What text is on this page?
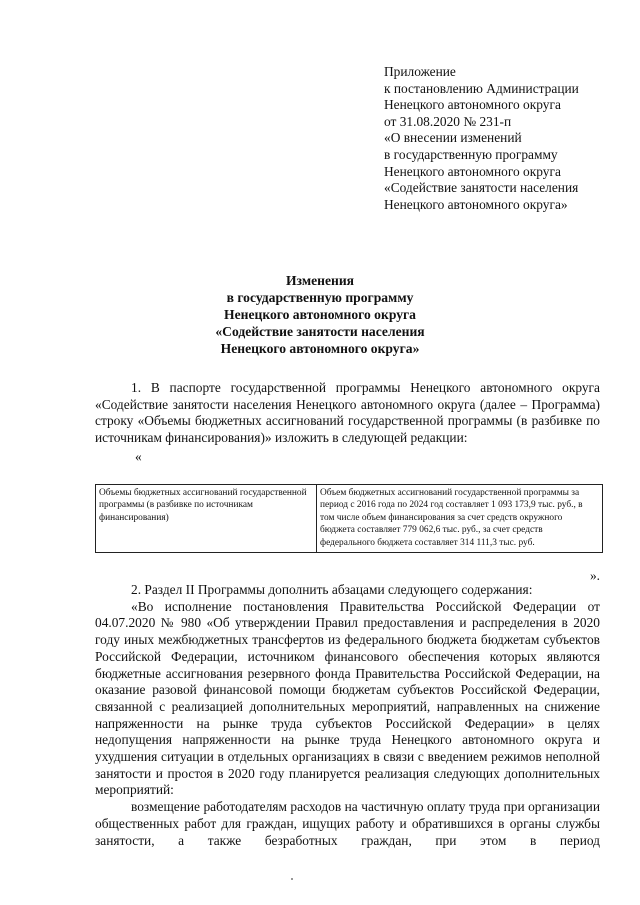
Приложение
к постановлению Администрации
Ненецкого автономного округа
от 31.08.2020 № 231-п
«О внесении изменений
в государственную программу
Ненецкого автономного округа
«Содействие занятости населения
Ненецкого автономного округа»
Изменения
в государственную программу
Ненецкого автономного округа
«Содействие занятости населения
Ненецкого автономного округа»

1. В паспорте государственной программы Ненецкого автономного округа «Содействие занятости населения Ненецкого автономного округа (далее – Программа) строку «Объемы бюджетных ассигнований государственной программы (в разбивке по источникам финансирования)» изложить в следующей редакции:

«
Объемы бюджетных ассигнований государственной программы (в разбивке по источникам финансирования)	Объем бюджетных ассигнований государственной программы за период с 2016 года по 2024 год составляет 1 093 173,9 тыс. руб., в том числе объем финансирования за счет средств окружного бюджета составляет 779 062,6 тыс. руб., за счет средств федерального бюджета составляет 314 111,3 тыс. руб.
».

2. Раздел II Программы дополнить абзацами следующего содержания:

«Во исполнение постановления Правительства Российской Федерации от 04.07.2020 № 980 «Об утверждении Правил предоставления и распределения в 2020 году иных межбюджетных трансфертов из федерального бюджета бюджетам субъектов Российской Федерации, источником финансового обеспечения которых являются бюджетные ассигнования резервного фонда Правительства Российской Федерации, на оказание разовой финансовой помощи бюджетам субъектов Российской Федерации, связанной с реализацией дополнительных мероприятий, направленных на снижение напряженности на рынке труда субъектов Российской Федерации» в целях недопущения напряженности на рынке труда Ненецкого автономного округа и ухудшения ситуации в отдельных организациях в связи с введением режимов неполной занятости и простоя в 2020 году планируется реализация следующих дополнительных мероприятий:

возмещение работодателям расходов на частичную оплату труда при организации общественных работ для граждан, ищущих работу и обратившихся в органы службы занятости, а также безработных граждан, при этом в период
